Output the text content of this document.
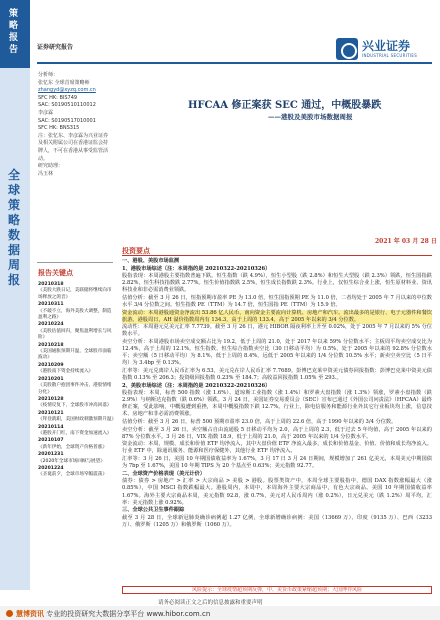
策略报告
全球策略数据周报
证券研究报告	兴业证券
INDUSTRIAL SECURITIES
分析师：
张忆东 全球首席策略师
zhangyd@xyzq.com.cn
SFC HK: BIS749
SAC: S0190510110012
李彦霖
SAC: S0190517010001
SFC HK: BNS315
注：张忆东、李彦霖为兴业证券及相关附属公司在香港证监会持牌人，不可在香港从事受监管活动。
研究助理：
冯玉林
报告关键点
20210318
《美股大跌日记，美联储将继续向市场释放之鸽音》
20210311
《不破不立，海外美股大调整，制造盈利之路》
20210224
《美股估值回归，聚焦盈利增长与风险》
20210218
《美国通胀预期升温，全球股市面临波动》
20210209
《港股南下资金持续流入》
20210201
《美股散户抱团事件冲击，港股情绪分化》
20210128
《疫情反复下，全球股市冲高回落》
20210121
《拜登就职，美国财政刺激预期升温》
20210114
《港股开门红，南下资金加速流入》
20210107
《新年伊始，全球资产价格普涨》
20201231
《2020年全球市场回顾与展望》
20201224
《圣诞前夕，全球市场窄幅震荡》
HFCAA 修正案获 SEC 通过，中概股暴跌
——港股及美股市场数据周报
2021 年 03 月 28 日
投资要点

一、港股、美股市场监测

1、港股市场综述（注：本周指的是 20210322-20210326）

股指表现：本周港股主要指数普遍下跌。恒生指数（跌 4.9%），恒生小型股（跌 2.8%）和恒生大型股（跌 2.3%）领跌，恒生国指跌 2.82%，恒生科技指数跌 2.77%。恒生价值指数跌 2.5%，恒生成长指数跌 2.3%。行业上，仅恒生综合业上涨，恒生原材料业、资讯科技业和非必需消费业领跌。

估值分析：截至 3 月 26 日，恒指预期市盈率 PE 为 13.0 倍，恒生国指预期 PE 为 11.0 倍，二者均处于 2005 年 7 月以来的中位数水平 3/4 分位数之间。恒生指数 PE（TTM）为 14.7 倍，恒生国指 PE（TTM）为 15.9 倍。

资金流动：本周港股通资金净流出 53.86 亿人民币，南向资金主要流向计算机、房地产和汽车。流出最多的是银行、电子元器件和餐饮旅游。港股周日，AH 溢价指数周内有 134.3，高于上周的 133.4，高于 2005 年以来的 3/4 分位数。

流动性：本周港元兑美元汇率 7.7739。截至 3 月 26 日，港元 HIBOR 隔夜利率上升至 0.02%，处于 2005 年 7 月以来的 5% 分位数水平。

卖空分析：本周港股市场卖空成交额占比为 19.2，低于上周的 21.0，处于 2017 年以来 59% 分位数水平；主板周平均卖空成交比为 12.4%，高于上周的 12.1%。恒生指数、恒生综合指数卖空比（30 日移动平均）为 0.5%，处于 2005 年以来的 92.8% 分位数水平；卖空额（5 日移动平均）为 8.1%，低于上周的 8.4%，远低于 2005 年以来的 1/4 分位数 10.5% 水平；新卖空卖空比（5 日平均）为 3.4bp 至 0.13%。

汇率等：美元兑离岸人民币汇率为 6.53，美元兑在岸人民币汇率 7.7689。彭博巴克莱中资美元债券回报指数：彭博巴克莱中资美元债指数 0.13% 至 206.3；投资级回报指数 0.23% 至 184.7；高收益回报指数 1.05% 至 293.。

2、美股市场综述（注：本周指的是 20210322-20210326）

股指表现：本周，标普 500 指数（涨 1.6%）、道琼斯工业指数（涨 1.4%）和罗素大盘指数（涨 1.3%）领涨，罗素小盘指数（跌 2.9%）与纳斯达克指数（跌 0.6%）领跌。3 月 24 日，美国证券交易委员会（SEC）宣布已通过《外国公司问责法》（HFCAA）最终修正案，受此影响，中概股遭到重挫，本周中概股指数下跌 12.7%。行业上，除电信服务和能源行业外其它行业板块均上涨，信息技术、房地产和非必需消费领涨。

估值分析：截至 3 月 26 日，标普 500 预期市盈率 23.0 倍，高于上周的 22.6 倍，高于 1990 年以来的 3/4 分位数。

卖空分析：截至 3 月 26 日，卖空额占自由流通股 5 日移动平均为 2.0，高于上周的 2.3，低于过去 5 年均值，高于 2005 年以来的 87% 分位数水平。3 月 26 日，VIX 指数 18.9，低于上周的 21.0，高于 2005 年以来的 1/4 分位数水平。

资金流动：本周，规模、成长和价值 ETF 均净流入，其中大盘价值 ETF 净流入最多，成长和价值基金、价值、价值和成长均净流入。行业 ETF 中，除通讯服务、能源和医疗保健外，其他行业 ETF 均净流入。

汇率等：3 月 26 日，美国 10 年期国债收益率为 1.67%，3 月 17 日 3 月 24 日期间，规模增加了 261 亿美元，本周美元中期国债为 7bp 至 1.67%，美国 10 年期 TIPS 为 20 个基点至 0.63%；美元指数 92.77。

二、全球资产价格表现（美元计价）

债券：债券 > 房地产 > 汇率 > 大宗商品 > 美股 > 港股。股票类资产中，本周全球主要股指中，德国 DAX 指数涨幅最大（涨 0.85%），中国 MSCI 指数跌幅最大。港股周内，本周中，本周海外主要大宗商品中，有色大宗商品。美国 10 年期国债收益率 1.67%。海外主要大宗商品本周，美元指数 92.8，涨 0.7%，美元对人民币周内（涨 0.2%），日元兑美元（跌 1.2%）周平均。汇率：美元指数上涨 0.92%。

三、全球公共卫生事件跟踪

截至 3 月 28 日，全球新冠肺炎确诊病例超 1.27 亿例，全球新增确诊病例：美国（13669 万）、印度（9135 万）、巴西（3233 万）、俄罗斯（1205 万）和俄罗斯（1060 万）。

风险提示：全球疫情超预期反弹，中、美货币政策紧缩超预期；大国博弈风险
请务必阅读正文之后的信息披露和重要声明
慧博资讯 专业的投资研究大数据分享平台 www.hibor.com.cn
